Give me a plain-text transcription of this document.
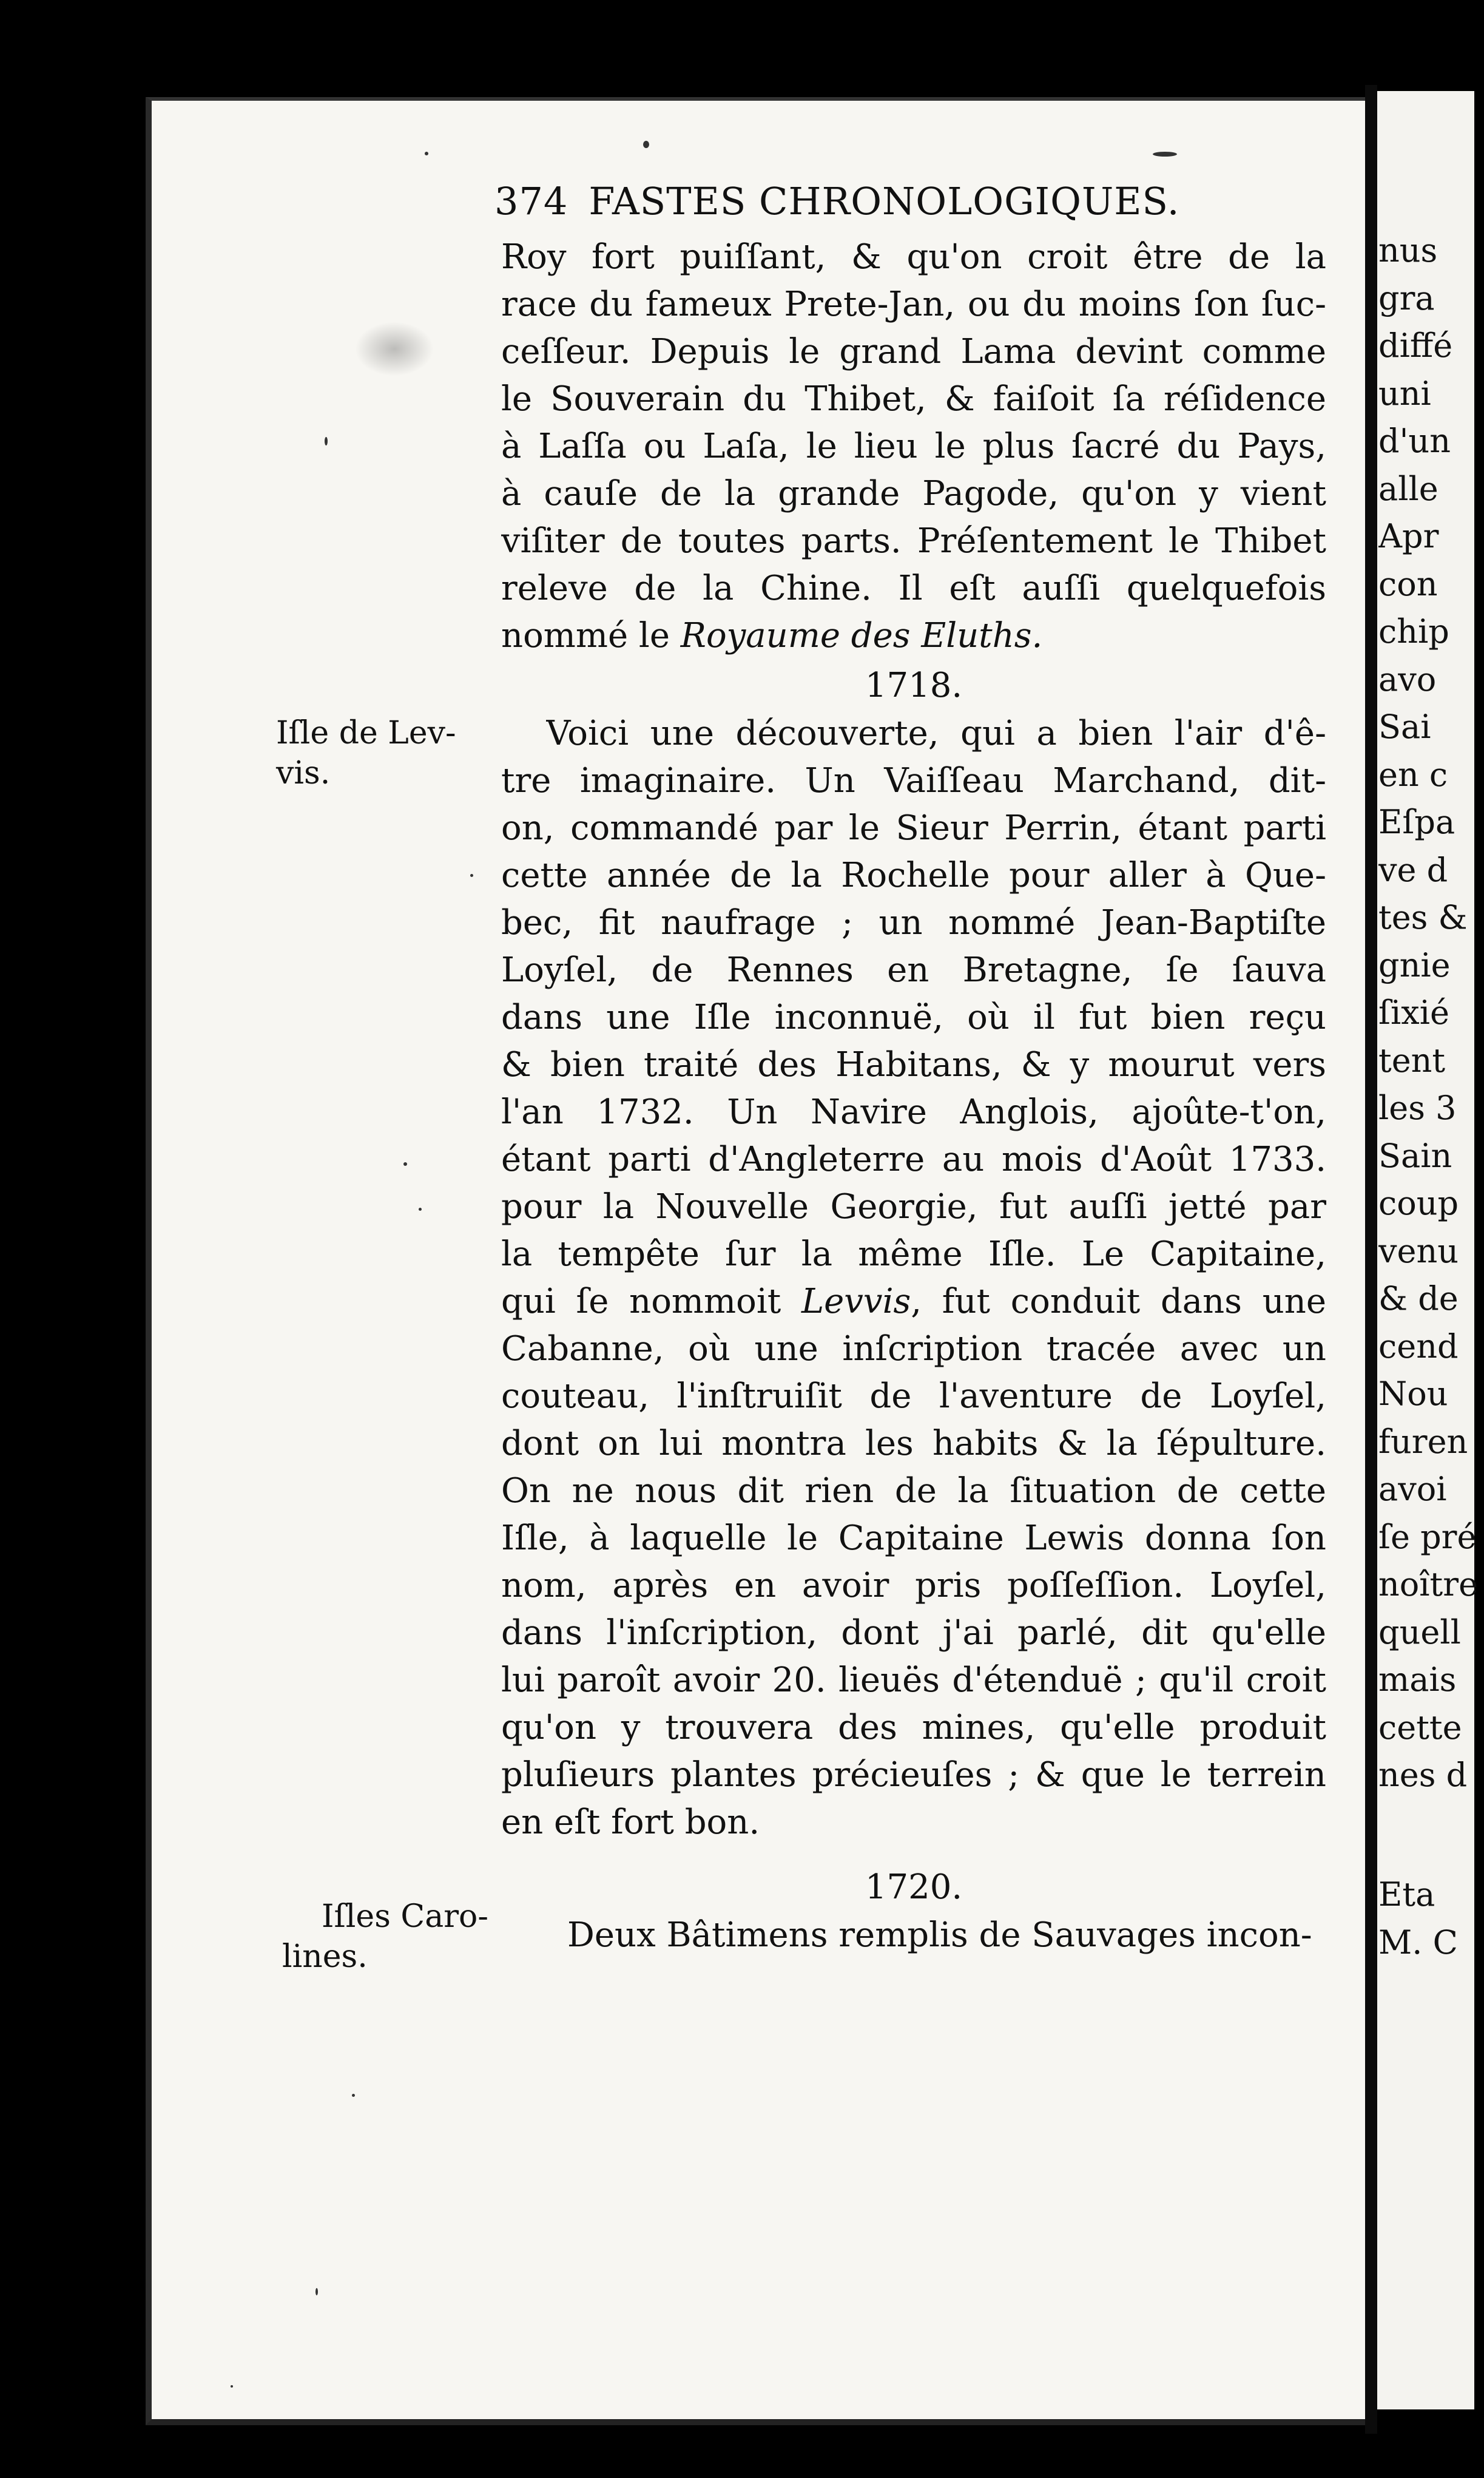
374 FASTES CHRONOLOGIQUES.
Roy fort puiſſant, & qu'on croit être de la
race du fameux Prete-Jan, ou du moins ſon ſuc-
ceſſeur. Depuis le grand Lama devint comme
le Souverain du Thibet, & faiſoit ſa réſidence
à Laſſa ou Laſa, le lieu le plus ſacré du Pays,
à cauſe de la grande Pagode, qu'on y vient
viſiter de toutes parts. Préſentement le Thibet
releve de la Chine. Il eſt auſſi quelquefois
nommé le Royaume des Eluths.
1718.
Iſle de Lev-
vis.
Voici une découverte, qui a bien l'air d'ê-
tre imaginaire. Un Vaiſſeau Marchand, dit-
on, commandé par le Sieur Perrin, étant parti
cette année de la Rochelle pour aller à Que-
bec, fit naufrage ; un nommé Jean-Baptiſte
Loyſel, de Rennes en Bretagne, ſe ſauva
dans une Iſle inconnuë, où il fut bien reçu
& bien traité des Habitans, & y mourut vers
l'an 1732. Un Navire Anglois, ajoûte-t'on,
étant parti d'Angleterre au mois d'Août 1733.
pour la Nouvelle Georgie, fut auſſi jetté par
la tempête ſur la même Iſle. Le Capitaine,
qui ſe nommoit Levvis, fut conduit dans une
Cabanne, où une inſcription tracée avec un
couteau, l'inſtruiſit de l'aventure de Loyſel,
dont on lui montra les habits & la ſépulture.
On ne nous dit rien de la ſituation de cette
Iſle, à laquelle le Capitaine Lewis donna ſon
nom, après en avoir pris poſſeſſion. Loyſel,
dans l'inſcription, dont j'ai parlé, dit qu'elle
lui paroît avoir 20. lieuës d'étenduë ; qu'il croit
qu'on y trouvera des mines, qu'elle produit
pluſieurs plantes précieuſes ; & que le terrein
en eſt fort bon.
1720.
Iſles Caro-
lines.
Deux Bâtimens remplis de Sauvages incon-
nus
gra
diffé
uni
d'un
alle
Apr
con
chip
avo
Sai
en c
Eſpa
ve d
tes &
gnie
ſixié
tent
les 3
Sain
coup
venu
& de
cend
Nou
furen
avoi
ſe pré
noître
quell
mais
cette
nes d
Eta
M. C
